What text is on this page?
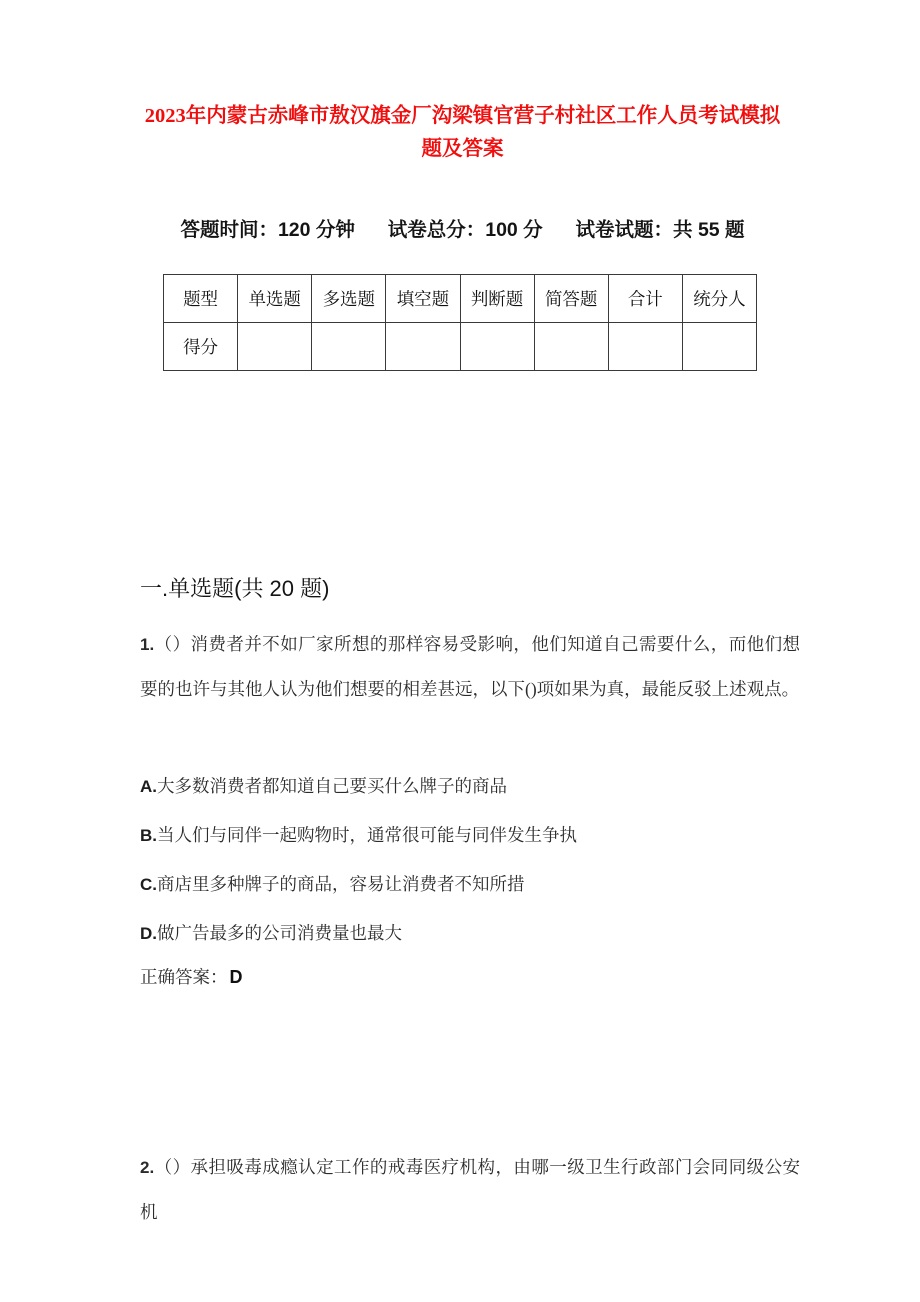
2023年内蒙古赤峰市敖汉旗金厂沟梁镇官营子村社区工作人员考试模拟题及答案
答题时间：120 分钟 试卷总分：100 分 试卷试题：共 55 题
题型	单选题	多选题	填空题	判断题	简答题	合计	统分人
得分							
一.单选题(共 20 题)
1.（）消费者并不如厂家所想的那样容易受影响，他们知道自己需要什么，而他们想要的也许与其他人认为他们想要的相差甚远，以下()项如果为真，最能反驳上述观点。
A.大多数消费者都知道自己要买什么牌子的商品
B.当人们与同伴一起购物时，通常很可能与同伴发生争执
C.商店里多种牌子的商品，容易让消费者不知所措
D.做广告最多的公司消费量也最大
正确答案： D
2.（）承担吸毒成瘾认定工作的戒毒医疗机构，由哪一级卫生行政部门会同同级公安机
